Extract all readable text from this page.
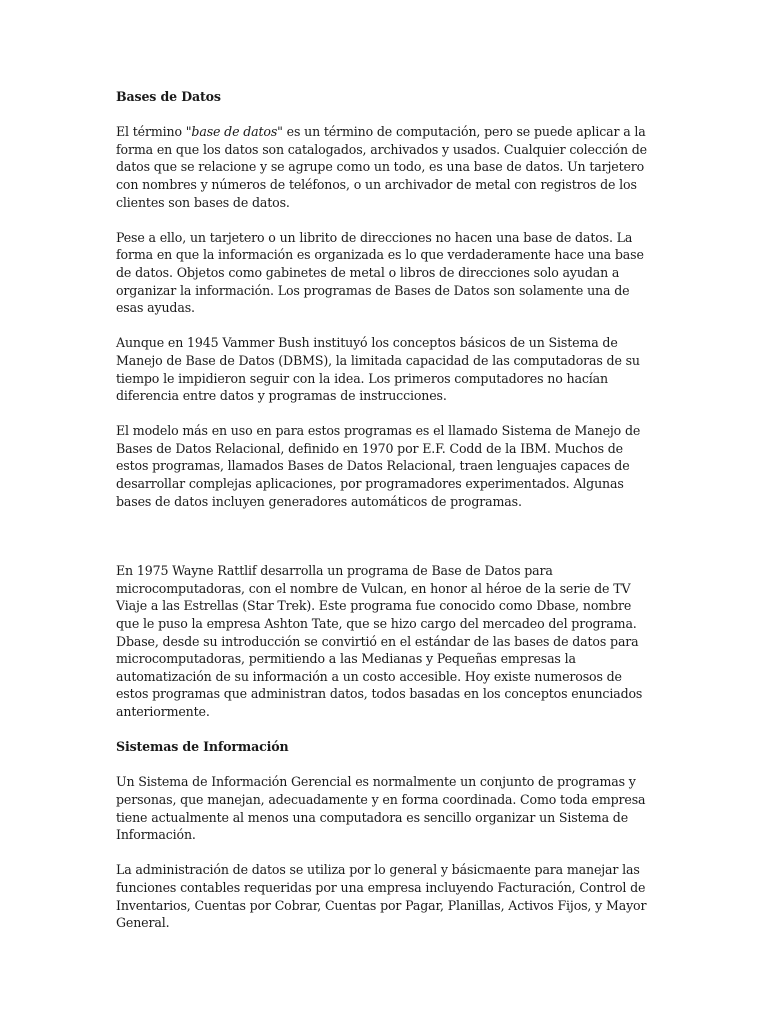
Bases de Datos

El término "base de datos" es un término de computación, pero se puede aplicar a la forma en que los datos son catalogados, archivados y usados. Cualquier colección de datos que se relacione y se agrupe como un todo, es una base de datos. Un tarjetero con nombres y números de teléfonos, o un archivador de metal con registros de los clientes son bases de datos.

Pese a ello, un tarjetero o un librito de direcciones no hacen una base de datos. La forma en que la información es organizada es lo que verdaderamente hace una base de datos. Objetos como gabinetes de metal o libros de direcciones solo ayudan a organizar la información. Los programas de Bases de Datos son solamente una de esas ayudas.

Aunque en 1945 Vammer Bush instituyó los conceptos básicos de un Sistema de Manejo de Base de Datos (DBMS), la limitada capacidad de las computadoras de su tiempo le impidieron seguir con la idea. Los primeros computadores no hacían diferencia entre datos y programas de instrucciones.

El modelo más en uso en para estos programas es el llamado Sistema de Manejo de Bases de Datos Relacional, definido en 1970 por E.F. Codd de la IBM. Muchos de estos programas, llamados Bases de Datos Relacional, traen lenguajes capaces de desarrollar complejas aplicaciones, por programadores experimentados. Algunas bases de datos incluyen generadores automáticos de programas.

En 1975 Wayne Rattlif desarrolla un programa de Base de Datos para microcomputadoras, con el nombre de Vulcan, en honor al héroe de la serie de TV Viaje a las Estrellas (Star Trek). Este programa fue conocido como Dbase, nombre que le puso la empresa Ashton Tate, que se hizo cargo del mercadeo del programa. Dbase, desde su introducción se convirtió en el estándar de las bases de datos para microcomputadoras, permitiendo a las Medianas y Pequeñas empresas la automatización de su información a un costo accesible. Hoy existe numerosos de estos programas que administran datos, todos basadas en los conceptos enunciados anteriormente.

Sistemas de Información

Un Sistema de Información Gerencial es normalmente un conjunto de programas y personas, que manejan, adecuadamente y en forma coordinada. Como toda empresa tiene actualmente al menos una computadora es sencillo organizar un Sistema de Información.

La administración de datos se utiliza por lo general y básicmaente para manejar las funciones contables requeridas por una empresa incluyendo Facturación, Control de Inventarios, Cuentas por Cobrar, Cuentas por Pagar, Planillas, Activos Fijos, y Mayor General.
